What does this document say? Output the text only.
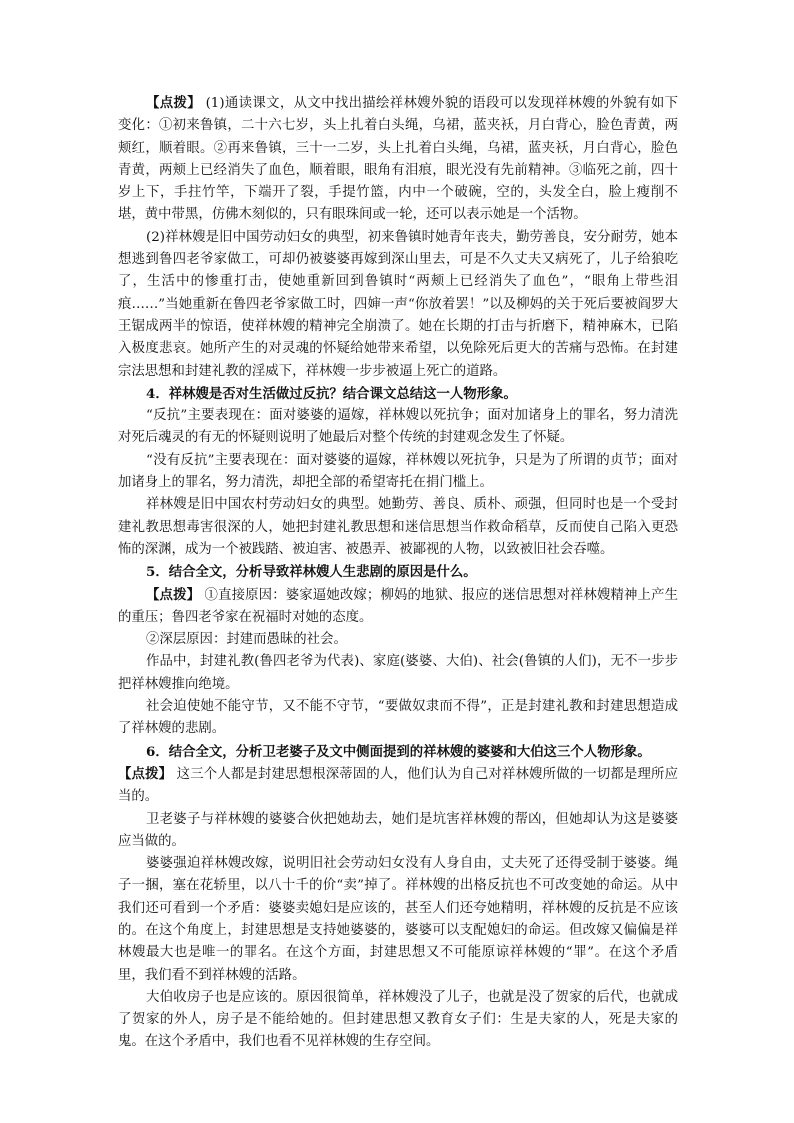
【点拨】 (1)通读课文，从文中找出描绘祥林嫂外貌的语段可以发现祥林嫂的外貌有如下变化：①初来鲁镇，二十六七岁，头上扎着白头绳，乌裙，蓝夹袄，月白背心，脸色青黄，两颊红，顺着眼。②再来鲁镇，三十一二岁，头上扎着白头绳，乌裙，蓝夹袄，月白背心，脸色青黄，两颊上已经消失了血色，顺着眼，眼角有泪痕，眼光没有先前精神。③临死之前，四十岁上下，手拄竹竿，下端开了裂，手提竹篮，内中一个破碗，空的，头发全白，脸上瘦削不堪，黄中带黑，仿佛木刻似的，只有眼珠间或一轮，还可以表示她是一个活物。

(2)祥林嫂是旧中国劳动妇女的典型，初来鲁镇时她青年丧夫，勤劳善良，安分耐劳，她本想逃到鲁四老爷家做工，可却仍被婆婆再嫁到深山里去，可是不久丈夫又病死了，儿子给狼吃了，生活中的惨重打击，使她重新回到鲁镇时“两颊上已经消失了血色”，“眼角上带些泪痕……”当她重新在鲁四老爷家做工时，四婶一声“你放着罢！”以及柳妈的关于死后要被阎罗大王锯成两半的惊语，使祥林嫂的精神完全崩溃了。她在长期的打击与折磨下，精神麻木，已陷入极度悲哀。她所产生的对灵魂的怀疑给她带来希望，以免除死后更大的苦痛与恐怖。在封建宗法思想和封建礼教的淫威下，祥林嫂一步步被逼上死亡的道路。

4．祥林嫂是否对生活做过反抗？结合课文总结这一人物形象。

“反抗”主要表现在：面对婆婆的逼嫁，祥林嫂以死抗争；面对加诸身上的罪名，努力清洗 对死后魂灵的有无的怀疑则说明了她最后对整个传统的封建观念发生了怀疑。

“没有反抗”主要表现在：面对婆婆的逼嫁，祥林嫂以死抗争，只是为了所谓的贞节；面对加诸身上的罪名，努力清洗，却把全部的希望寄托在捐门槛上。

祥林嫂是旧中国农村劳动妇女的典型。她勤劳、善良、质朴、顽强，但同时也是一个受封建礼教思想毒害很深的人，她把封建礼教思想和迷信思想当作救命稻草，反而使自己陷入更恐怖的深渊，成为一个被践踏、被迫害、被愚弄、被鄙视的人物，以致被旧社会吞噬。

5．结合全文，分析导致祥林嫂人生悲剧的原因是什么。

【点拨】 ①直接原因：婆家逼她改嫁；柳妈的地狱、报应的迷信思想对祥林嫂精神上产生的重压；鲁四老爷家在祝福时对她的态度。

②深层原因：封建而愚昧的社会。

作品中，封建礼教(鲁四老爷为代表)、家庭(婆婆、大伯)、社会(鲁镇的人们)，无不一步步把祥林嫂推向绝境。

社会迫使她不能守节，又不能不守节，“要做奴隶而不得”，正是封建礼教和封建思想造成了祥林嫂的悲剧。

6．结合全文，分析卫老婆子及文中侧面提到的祥林嫂的婆婆和大伯这三个人物形象。

【点拨】 这三个人都是封建思想根深蒂固的人，他们认为自己对祥林嫂所做的一切都是理所应当的。

卫老婆子与祥林嫂的婆婆合伙把她劫去，她们是坑害祥林嫂的帮凶，但她却认为这是婆婆应当做的。

婆婆强迫祥林嫂改嫁，说明旧社会劳动妇女没有人身自由，丈夫死了还得受制于婆婆。绳子一捆，塞在花轿里，以八十千的价“卖”掉了。祥林嫂的出格反抗也不可改变她的命运。从中我们还可看到一个矛盾：婆婆卖媳妇是应该的，甚至人们还夸她精明，祥林嫂的反抗是不应该的。在这个角度上，封建思想是支持她婆婆的，婆婆可以支配媳妇的命运。但改嫁又偏偏是祥林嫂最大也是唯一的罪名。在这个方面，封建思想又不可能原谅祥林嫂的“罪”。在这个矛盾里，我们看不到祥林嫂的活路。

大伯收房子也是应该的。原因很简单，祥林嫂没了儿子，也就是没了贺家的后代，也就成了贺家的外人，房子是不能给她的。但封建思想又教育女子们：生是夫家的人，死是夫家的鬼。在这个矛盾中，我们也看不见祥林嫂的生存空间。
